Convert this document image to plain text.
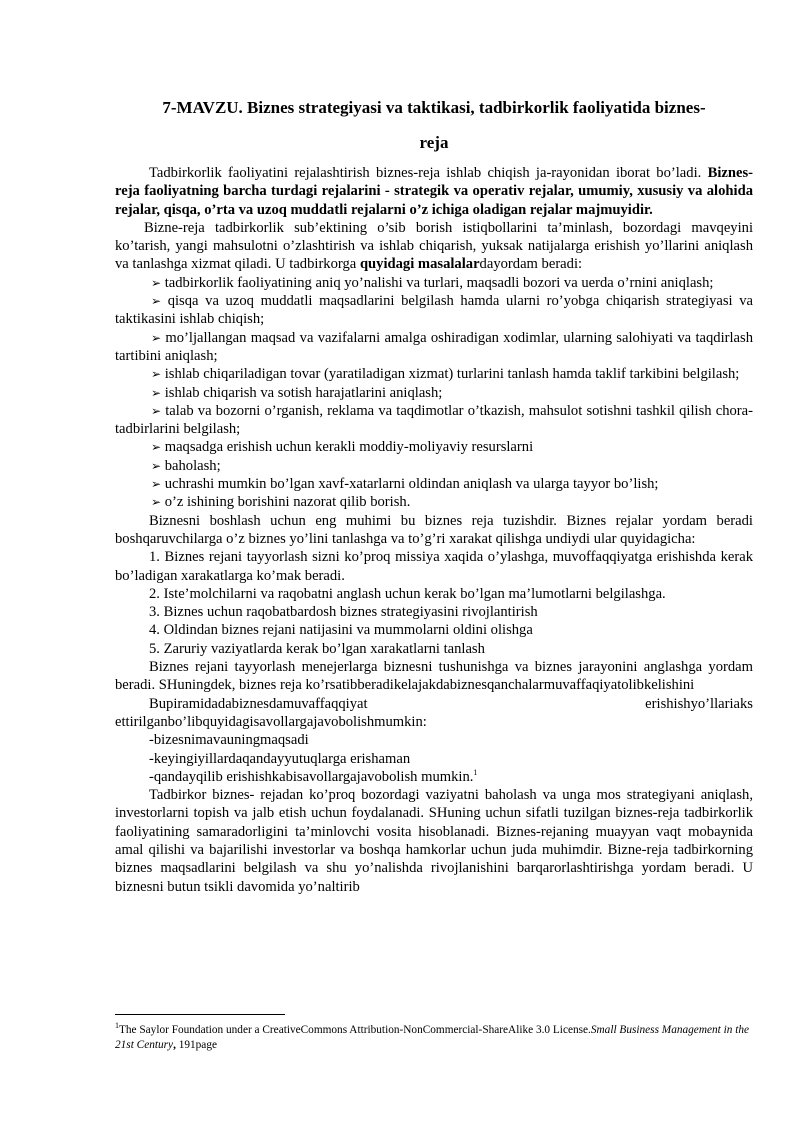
7-MAVZU. Biznes strategiyasi va taktikasi, tadbirkorlik faoliyatida biznes-

reja

Tadbirkorlik faoliyatini rejalashtirish biznes-reja ishlab chiqish ja-rayonidan iborat bo’ladi. Biznes- reja faoliyatning barcha turdagi rejalarini - strategik va operativ rejalar, umumiy, xususiy va alohida rejalar, qisqa, o’rta va uzoq muddatli rejalarni o’z ichiga oladigan rejalar majmuyidir.

Bizne-reja tadbirkorlik sub’ektining o’sib borish istiqbollarini ta’minlash, bozordagi mavqeyini ko’tarish, yangi mahsulotni o’zlashtirish va ishlab chiqarish, yuksak natijalarga erishish yo’llarini aniqlash va tanlashga xizmat qiladi. U tadbirkorga quyidagi masalalardayordam beradi:

➢ tadbirkorlik faoliyatining aniq yo’nalishi va turlari, maqsadli bozori va uerda o’rnini aniqlash;

➢ qisqa va uzoq muddatli maqsadlarini belgilash hamda ularni ro’yobga chiqarish strategiyasi va taktikasini ishlab chiqish;

➢ mo’ljallangan maqsad va vazifalarni amalga oshiradigan xodimlar, ularning salohiyati va taqdirlash tartibini aniqlash;

➢ ishlab chiqariladigan tovar (yaratiladigan xizmat) turlarini tanlash hamda taklif tarkibini belgilash;

➢ ishlab chiqarish va sotish harajatlarini aniqlash;

➢ talab va bozorni o’rganish, reklama va taqdimotlar o’tkazish, mahsulot sotishni tashkil qilish chora-tadbirlarini belgilash;

➢ maqsadga erishish uchun kerakli moddiy-moliyaviy resurslarni

➢ baholash;

➢ uchrashi mumkin bo’lgan xavf-xatarlarni oldindan aniqlash va ularga tayyor bo’lish;

➢ o’z ishining borishini nazorat qilib borish.

Biznesni boshlash uchun eng muhimi bu biznes reja tuzishdir. Biznes rejalar yordam beradi boshqaruvchilarga o’z biznes yo’lini tanlashga va to’g’ri xarakat qilishga undiydi ular quyidagicha:

1. Biznes rejani tayyorlash sizni ko’proq missiya xaqida o’ylashga, muvoffaqqiyatga erishishda kerak bo’ladigan xarakatlarga ko’mak beradi.

2. Iste’molchilarni va raqobatni anglash uchun kerak bo’lgan ma’lumotlarni belgilashga.

3. Biznes uchun raqobatbardosh biznes strategiyasini rivojlantirish

4. Oldindan biznes rejani natijasini va mummolarni oldini olishga

5. Zaruriy vaziyatlarda kerak bo’lgan xarakatlarni tanlash

Biznes rejani tayyorlash menejerlarga biznesni tushunishga va biznes jarayonini anglashga yordam beradi. SHuningdek, biznes reja ko’rsatibberadikelajakdabiznesqanchalarmuvaffaqiyatolibkelishini

Bupiramidadabiznesdamuvaffaqqiyat erishishyo’llariaks ettirilganbo’libquyidagisavollargajavobolishmumkin:

-bizesnimavauningmaqsadi

-keyingiyillardaqandayyutuqlarga erishaman

-qandayqilib erishishkabisavollargajavobolish mumkin.$^1$

Tadbirkor biznes- rejadan ko’proq bozordagi vaziyatni baholash va unga mos strategiyani aniqlash, investorlarni topish va jalb etish uchun foydalanadi. SHuning uchun sifatli tuzilgan biznes-reja tadbirkorlik faoliyatining samaradorligini ta’minlovchi vosita hisoblanadi. Biznes-rejaning muayyan vaqt mobaynida amal qilishi va bajarilishi investorlar va boshqa hamkorlar uchun juda muhimdir. Bizne-reja tadbirkorning biznes maqsadlarini belgilash va shu yo’nalishda rivojlanishini barqarorlashtirishga yordam beradi. U biznesni butun tsikli davomida yo’naltirib

$^1$The Saylor Foundation under a CreativeCommons Attribution-NonCommercial-ShareAlike 3.0 License.Small Business Management in the 21st Century, 191page
